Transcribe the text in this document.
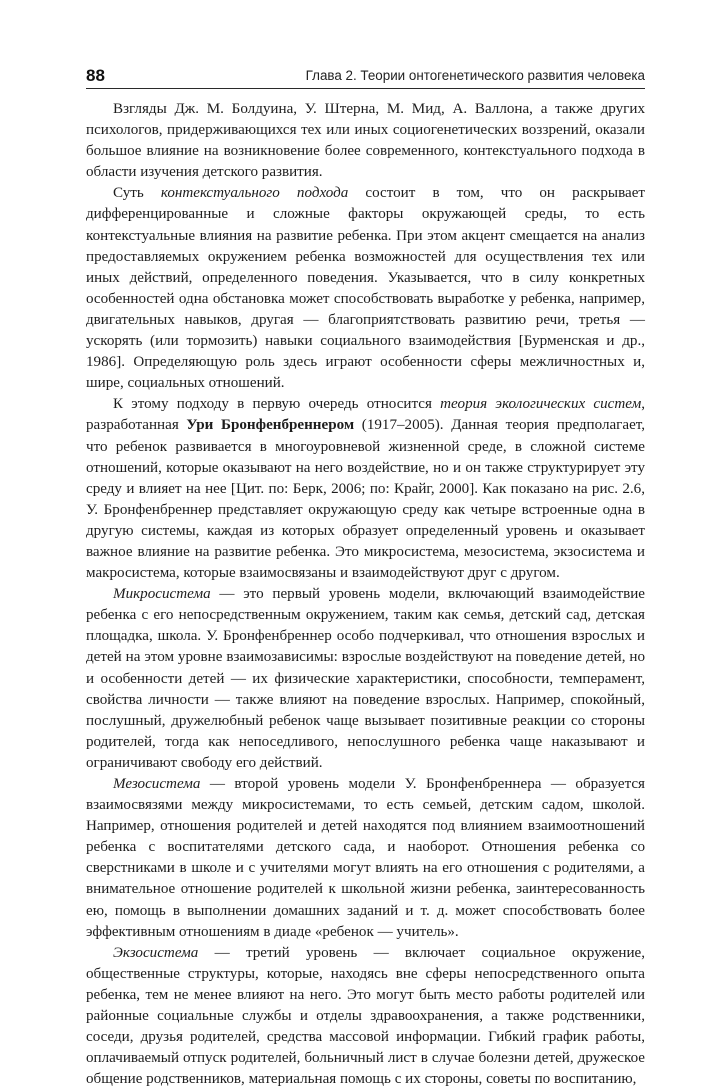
88	Глава 2. Теории онтогенетического развития человека

Взгляды Дж. М. Болдуина, У. Штерна, М. Мид, А. Валлона, а также других психологов, придерживающихся тех или иных социогенетических воззрений, оказали большое влияние на возникновение более современного, контекстуального подхода в области изучения детского развития.

Суть контекстуального подхода состоит в том, что он раскрывает дифференцированные и сложные факторы окружающей среды, то есть контекстуальные влияния на развитие ребенка. При этом акцент смещается на анализ предоставляемых окружением ребенка возможностей для осуществления тех или иных действий, определенного поведения. Указывается, что в силу конкретных особенностей одна обстановка может способствовать выработке у ребенка, например, двигательных навыков, другая — благоприятствовать развитию речи, третья — ускорять (или тормозить) навыки социального взаимодействия [Бурменская и др., 1986]. Определяющую роль здесь играют особенности сферы межличностных и, шире, социальных отношений.

К этому подходу в первую очередь относится теория экологических систем, разработанная Ури Бронфенбреннером (1917–2005). Данная теория предполагает, что ребенок развивается в многоуровневой жизненной среде, в сложной системе отношений, которые оказывают на него воздействие, но и он также структурирует эту среду и влияет на нее [Цит. по: Берк, 2006; по: Крайг, 2000]. Как показано на рис. 2.6, У. Бронфенбреннер представляет окружающую среду как четыре встроенные одна в другую системы, каждая из которых образует определенный уровень и оказывает важное влияние на развитие ребенка. Это микросистема, мезосистема, экзосистема и макросистема, которые взаимосвязаны и взаимодействуют друг с другом.

Микросистема — это первый уровень модели, включающий взаимодействие ребенка с его непосредственным окружением, таким как семья, детский сад, детская площадка, школа. У. Бронфенбреннер особо подчеркивал, что отношения взрослых и детей на этом уровне взаимозависимы: взрослые воздействуют на поведение детей, но и особенности детей — их физические характеристики, способности, темперамент, свойства личности — также влияют на поведение взрослых. Например, спокойный, послушный, дружелюбный ребенок чаще вызывает позитивные реакции со стороны родителей, тогда как непоседливого, непослушного ребенка чаще наказывают и ограничивают свободу его действий.

Мезосистема — второй уровень модели У. Бронфенбреннера — образуется взаимосвязями между микросистемами, то есть семьей, детским садом, школой. Например, отношения родителей и детей находятся под влиянием взаимоотношений ребенка с воспитателями детского сада, и наоборот. Отношения ребенка со сверстниками в школе и с учителями могут влиять на его отношения с родителями, а внимательное отношение родителей к школьной жизни ребенка, заинтересованность ею, помощь в выполнении домашних заданий и т. д. может способствовать более эффективным отношениям в диаде «ребенок — учитель».

Экзосистема — третий уровень — включает социальное окружение, общественные структуры, которые, находясь вне сферы непосредственного опыта ребенка, тем не менее влияют на него. Это могут быть место работы родителей или районные социальные службы и отделы здравоохранения, а также родственники, соседи, друзья родителей, средства массовой информации. Гибкий график работы, оплачиваемый отпуск родителей, больничный лист в случае болезни детей, дружеское общение родственников, материальная помощь с их стороны, советы по воспитанию,
